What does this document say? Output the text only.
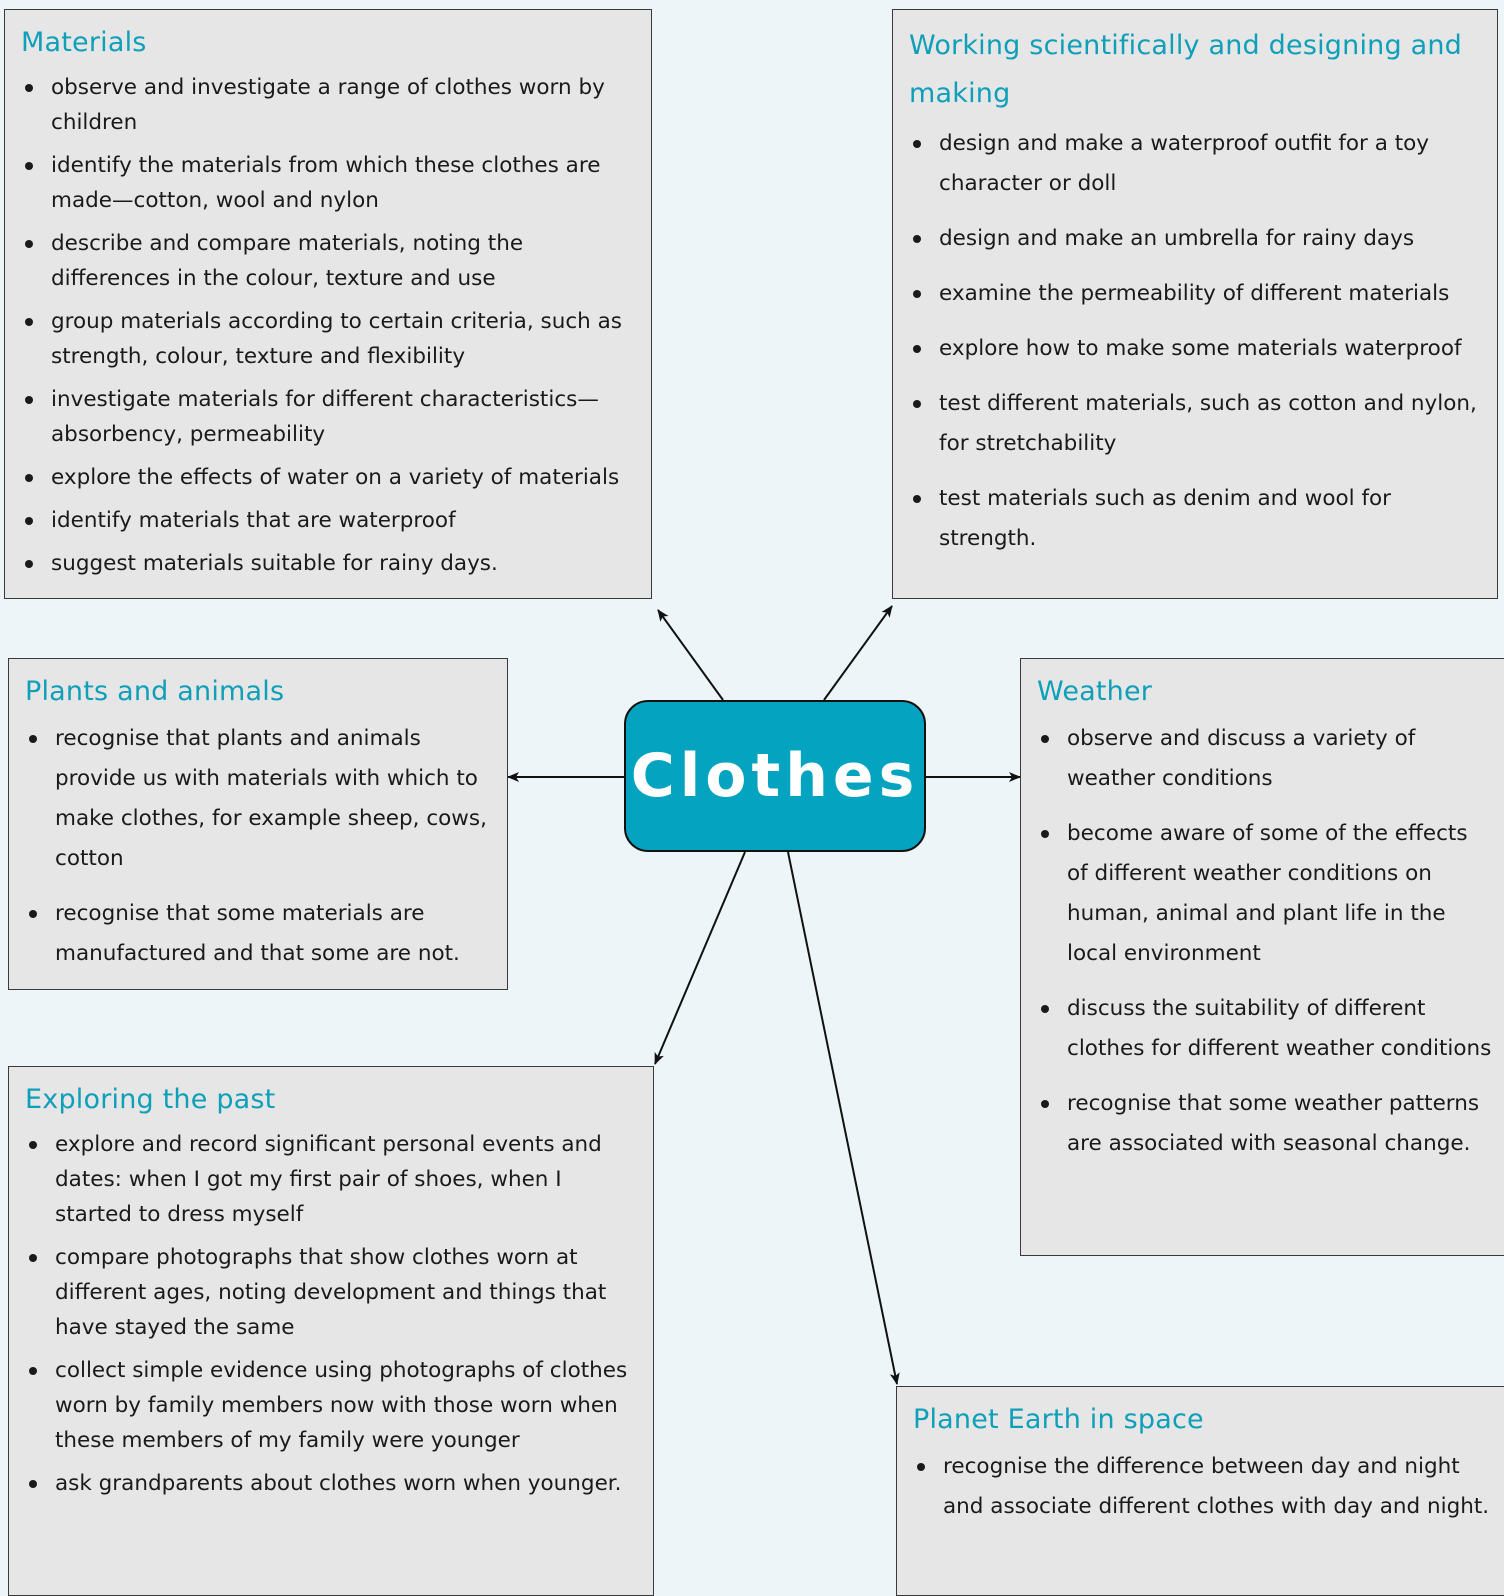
Materials
observe and investigate a range of clothes worn by children
identify the materials from which these clothes are made—cotton, wool and nylon
describe and compare materials, noting the differences in the colour, texture and use
group materials according to certain criteria, such as strength, colour, texture and flexibility
investigate materials for different characteristics—absorbency, permeability
explore the effects of water on a variety of materials
identify materials that are waterproof
suggest materials suitable for rainy days.
Working scientifically and designing and making
design and make a waterproof outfit for a toy character or doll
design and make an umbrella for rainy days
examine the permeability of different materials
explore how to make some materials waterproof
test different materials, such as cotton and nylon, for stretchability
test materials such as denim and wool for strength.
Plants and animals
recognise that plants and animals provide us with materials with which to make clothes, for example sheep, cows, cotton
recognise that some materials are manufactured and that some are not.
Weather
observe and discuss a variety of weather conditions
become aware of some of the effects of different weather conditions on human, animal and plant life in the local environment
discuss the suitability of different clothes for different weather conditions
recognise that some weather patterns are associated with seasonal change.
Exploring the past
explore and record significant personal events and dates: when I got my first pair of shoes, when I started to dress myself
compare photographs that show clothes worn at different ages, noting development and things that have stayed the same
collect simple evidence using photographs of clothes worn by family members now with those worn when these members of my family were younger
ask grandparents about clothes worn when younger.
Planet Earth in space
recognise the difference between day and night and associate different clothes with day and night.
Clothes
